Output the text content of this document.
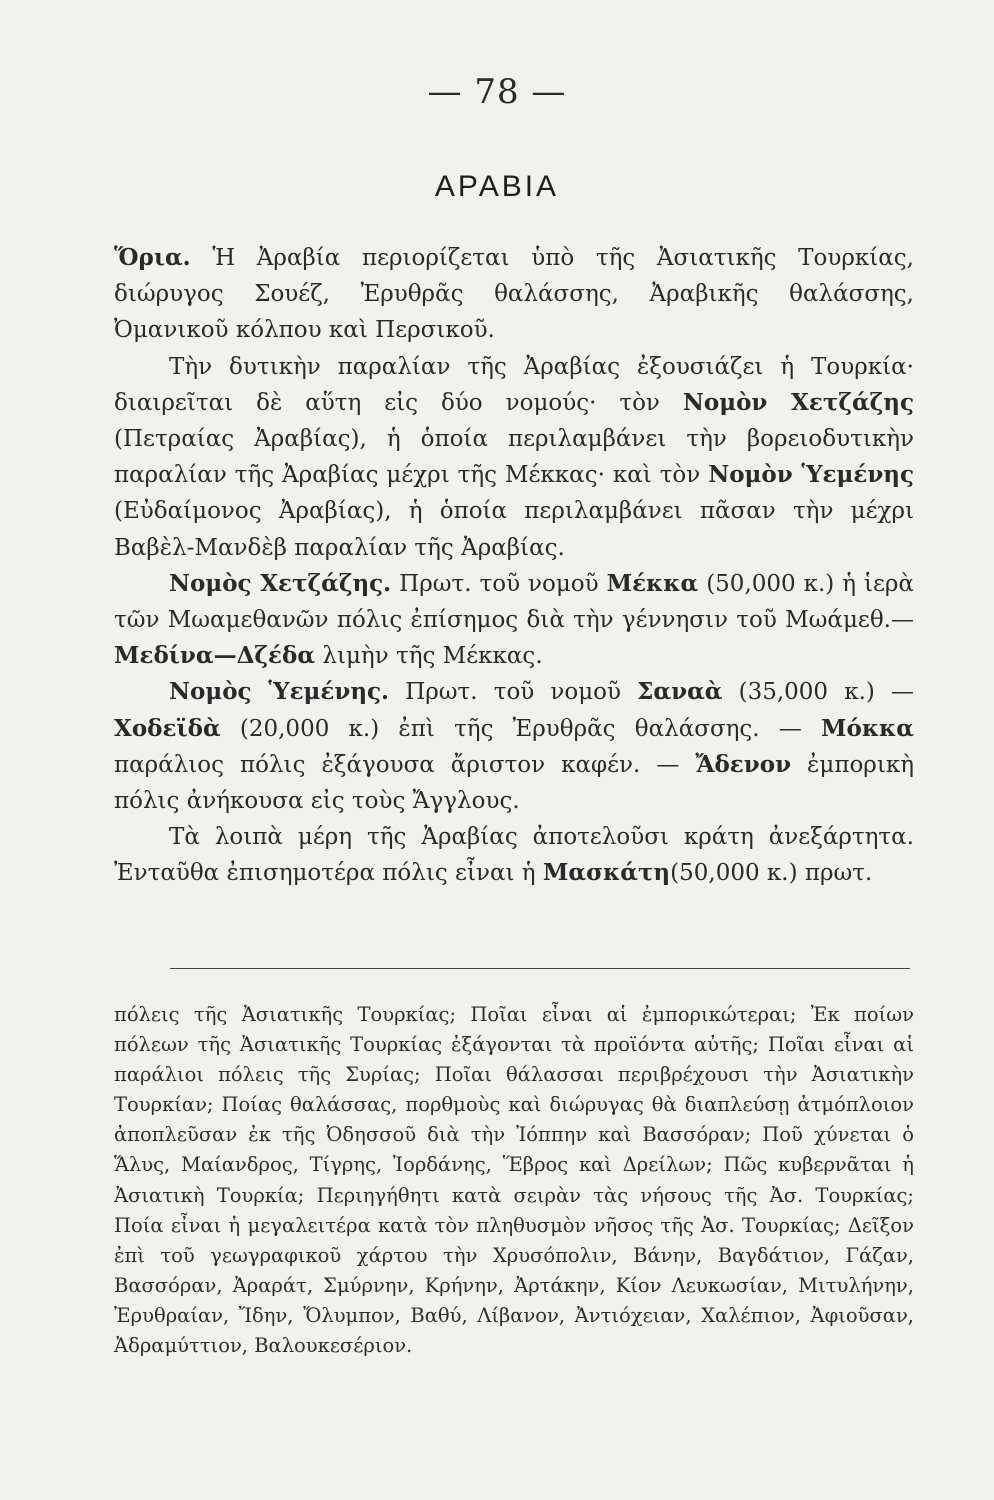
— 78 —
ΑΡΑΒΙΑ

Ὅρια. Ἡ Ἀραβία περιορίζεται ὑπὸ τῆς Ἀσιατικῆς Τουρκίας, διώρυγος Σουέζ, Ἐρυθρᾶς θαλάσσης, Ἀραβικῆς θαλάσσης, Ὀμανικοῦ κόλπου καὶ Περσικοῦ.

Τὴν δυτικὴν παραλίαν τῆς Ἀραβίας ἐξουσιάζει ἡ Τουρκία· διαιρεῖται δὲ αὕτη εἰς δύο νομούς· τὸν Νομὸν Χετζάζης (Πετραίας Ἀραβίας), ἡ ὁποία περιλαμβάνει τὴν βορειοδυτικὴν παραλίαν τῆς Ἀραβίας μέχρι τῆς Μέκκας· καὶ τὸν Νομὸν Ὑεμένης (Εὐδαίμονος Ἀραβίας), ἡ ὁποία περιλαμβάνει πᾶσαν τὴν μέχρι Βαβὲλ-Μανδὲβ παραλίαν τῆς Ἀραβίας.

Νομὸς Χετζάζης. Πρωτ. τοῦ νομοῦ Μέκκα (50,000 κ.) ἡ ἱερὰ τῶν Μωαμεθανῶν πόλις ἐπίσημος διὰ τὴν γέννησιν τοῦ Μωάμεθ.—Μεδίνα—Δζέδα λιμὴν τῆς Μέκκας.

Νομὸς Ὑεμένης. Πρωτ. τοῦ νομοῦ Σαναὰ (35,000 κ.) —Χοδεϊδὰ (20,000 κ.) ἐπὶ τῆς Ἐρυθρᾶς θαλάσσης. — Μόκκα παράλιος πόλις ἐξάγουσα ἄριστον καφέν. — Ἄδενον ἐμπορικὴ πόλις ἀνήκουσα εἰς τοὺς Ἄγγλους.

Τὰ λοιπὰ μέρη τῆς Ἀραβίας ἀποτελοῦσι κράτη ἀνεξάρτητα. Ἐνταῦθα ἐπισημοτέρα πόλις εἶναι ἡ Μασκάτη(50,000 κ.) πρωτ.

πόλεις τῆς Ἀσιατικῆς Τουρκίας; Ποῖαι εἶναι αἱ ἐμπορικώτεραι; Ἐκ ποίων πόλεων τῆς Ἀσιατικῆς Τουρκίας ἐξάγονται τὰ προϊόντα αὐτῆς; Ποῖαι εἶναι αἱ παράλιοι πόλεις τῆς Συρίας; Ποῖαι θάλασσαι περιβρέχουσι τὴν Ἀσιατικὴν Τουρκίαν; Ποίας θαλάσσας, πορθμοὺς καὶ διώρυγας θὰ διαπλεύσῃ ἀτμόπλοιον ἀποπλεῦσαν ἐκ τῆς Ὀδησσοῦ διὰ τὴν Ἰόππην καὶ Βασσόραν; Ποῦ χύνεται ὁ Ἅλυς, Μαίανδρος, Τίγρης, Ἰορδάνης, Ἕβρος καὶ Δρείλων; Πῶς κυβερνᾶται ἡ Ἀσιατικὴ Τουρκία; Περιηγήθητι κατὰ σειρὰν τὰς νήσους τῆς Ἀσ. Τουρκίας; Ποία εἶναι ἡ μεγαλειτέρα κατὰ τὸν πληθυσμὸν νῆσος τῆς Ἀσ. Τουρκίας; Δεῖξον ἐπὶ τοῦ γεωγραφικοῦ χάρτου τὴν Χρυσόπολιν, Βάνην, Βαγδάτιον, Γάζαν, Βασσόραν, Ἀραράτ, Σμύρνην, Κρήνην, Ἀρτάκην, Κίον Λευκωσίαν, Μιτυλήνην, Ἐρυθραίαν, Ἴδην, Ὄλυμπον, Βαθύ, Λίβανον, Ἀντιόχειαν, Χαλέπιον, Ἀφιοῦσαν, Ἀδραμύττιον, Βαλουκεσέριον.
